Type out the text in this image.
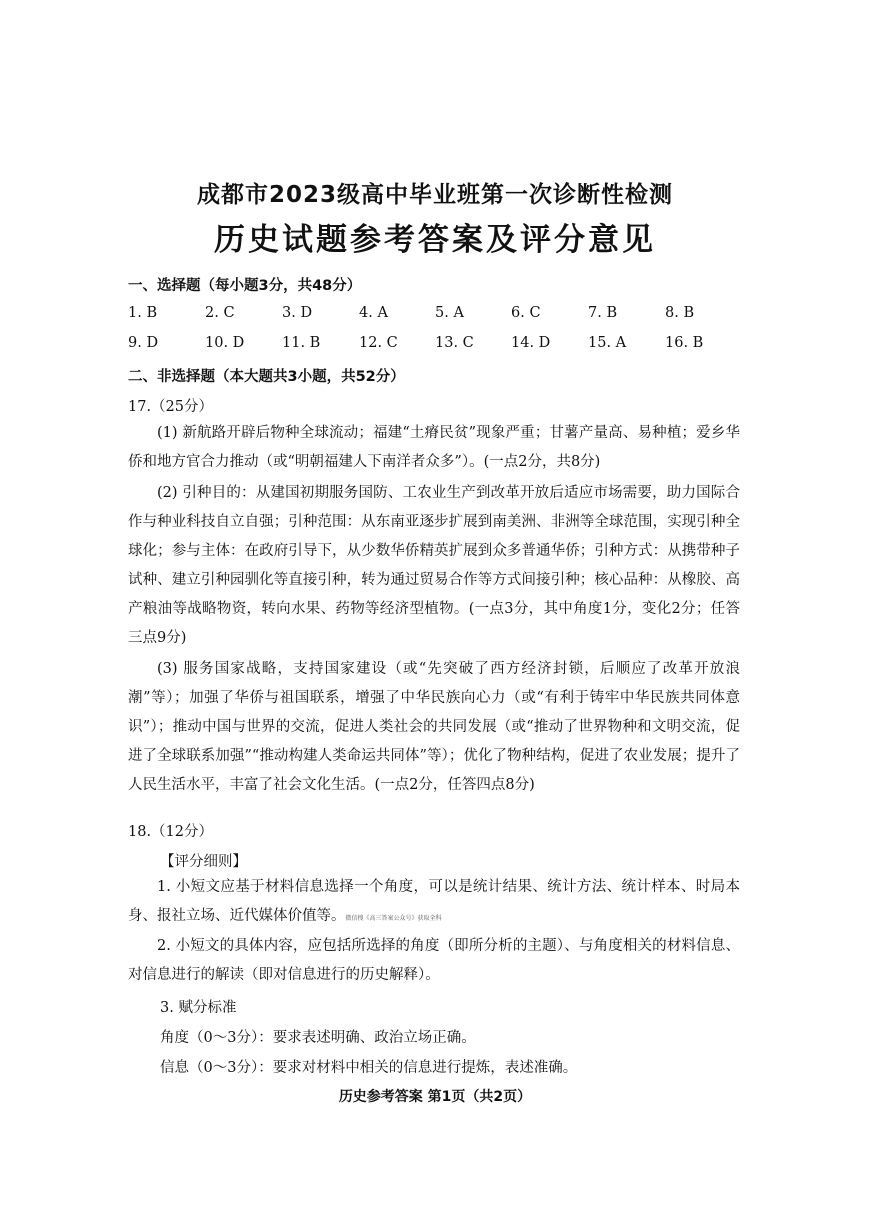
成都市2023级高中毕业班第一次诊断性检测
历史试题参考答案及评分意见
一、选择题（每小题3分，共48分）
1. B	2. C	3. D	4. A	5. A	6. C	7. B	8. B
9. D	10. D	11. B	12. C	13. C	14. D	15. A	16. B
二、非选择题（本大题共3小题，共52分）
17.（25分）
(1) 新航路开辟后物种全球流动；福建“土瘠民贫”现象严重；甘薯产量高、易种植；爱乡华侨和地方官合力推动（或“明朝福建人下南洋者众多”）。(一点2分，共8分)
(2) 引种目的：从建国初期服务国防、工农业生产到改革开放后适应市场需要，助力国际合作与种业科技自立自强；引种范围：从东南亚逐步扩展到南美洲、非洲等全球范围，实现引种全球化；参与主体：在政府引导下，从少数华侨精英扩展到众多普通华侨；引种方式：从携带种子试种、建立引种园驯化等直接引种，转为通过贸易合作等方式间接引种；核心品种：从橡胶、高产粮油等战略物资，转向水果、药物等经济型植物。(一点3分，其中角度1分，变化2分；任答三点9分)
(3) 服务国家战略，支持国家建设（或“先突破了西方经济封锁，后顺应了改革开放浪潮”等）；加强了华侨与祖国联系，增强了中华民族向心力（或“有利于铸牢中华民族共同体意识”）；推动中国与世界的交流，促进人类社会的共同发展（或“推动了世界物种和文明交流，促进了全球联系加强”“推动构建人类命运共同体”等）；优化了物种结构，促进了农业发展；提升了人民生活水平，丰富了社会文化生活。(一点2分，任答四点8分)
18.（12分）
【评分细则】
1. 小短文应基于材料信息选择一个角度，可以是统计结果、统计方法、统计样本、时局本身、报社立场、近代媒体价值等。微信搜《高三答案公众号》获取全科
2. 小短文的具体内容，应包括所选择的角度（即所分析的主题）、与角度相关的材料信息、对信息进行的解读（即对信息进行的历史解释）。
3. 赋分标准
角度（0～3分）：要求表述明确、政治立场正确。
信息（0～3分）：要求对材料中相关的信息进行提炼，表述准确。
历史参考答案 第1页（共2页）
